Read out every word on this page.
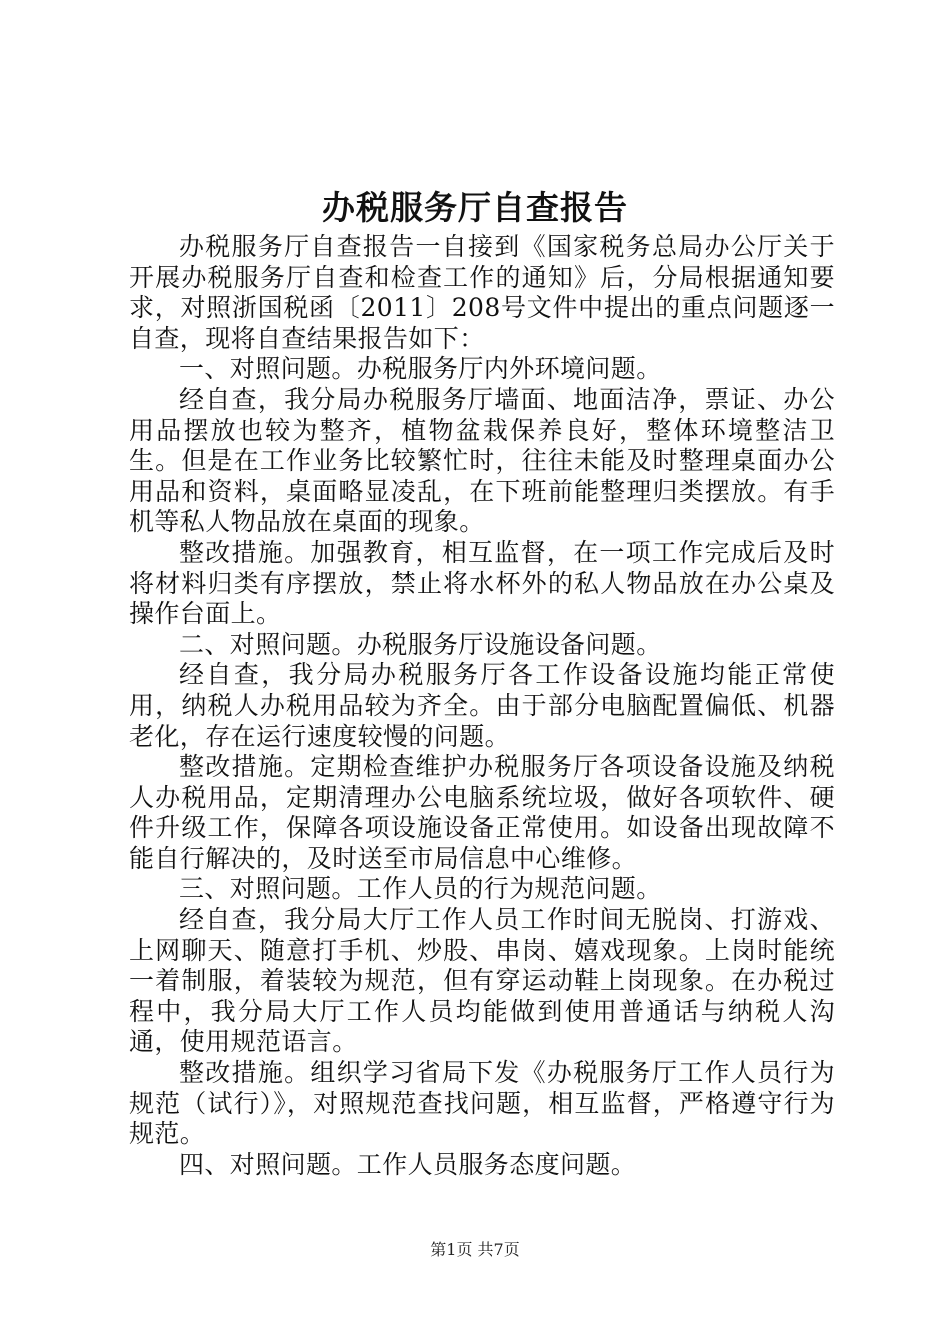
办税服务厅自查报告

办税服务厅自查报告一自接到《国家税务总局办公厅关于开展办税服务厅自查和检查工作的通知》后，分局根据通知要求，对照浙国税函〔2011〕208号文件中提出的重点问题逐一自查，现将自查结果报告如下：

一、对照问题。办税服务厅内外环境问题。

经自查，我分局办税服务厅墙面、地面洁净，票证、办公用品摆放也较为整齐，植物盆栽保养良好，整体环境整洁卫生。但是在工作业务比较繁忙时，往往未能及时整理桌面办公用品和资料，桌面略显凌乱，在下班前能整理归类摆放。有手机等私人物品放在桌面的现象。

整改措施。加强教育，相互监督，在一项工作完成后及时将材料归类有序摆放，禁止将水杯外的私人物品放在办公桌及操作台面上。

二、对照问题。办税服务厅设施设备问题。

经自查，我分局办税服务厅各工作设备设施均能正常使用，纳税人办税用品较为齐全。由于部分电脑配置偏低、机器老化，存在运行速度较慢的问题。

整改措施。定期检查维护办税服务厅各项设备设施及纳税人办税用品，定期清理办公电脑系统垃圾，做好各项软件、硬件升级工作，保障各项设施设备正常使用。如设备出现故障不能自行解决的，及时送至市局信息中心维修。

三、对照问题。工作人员的行为规范问题。

经自查，我分局大厅工作人员工作时间无脱岗、打游戏、上网聊天、随意打手机、炒股、串岗、嬉戏现象。上岗时能统一着制服，着装较为规范，但有穿运动鞋上岗现象。在办税过程中，我分局大厅工作人员均能做到使用普通话与纳税人沟通，使用规范语言。

整改措施。组织学习省局下发《办税服务厅工作人员行为规范（试行）》，对照规范查找问题，相互监督，严格遵守行为规范。

四、对照问题。工作人员服务态度问题。

第1页 共7页
